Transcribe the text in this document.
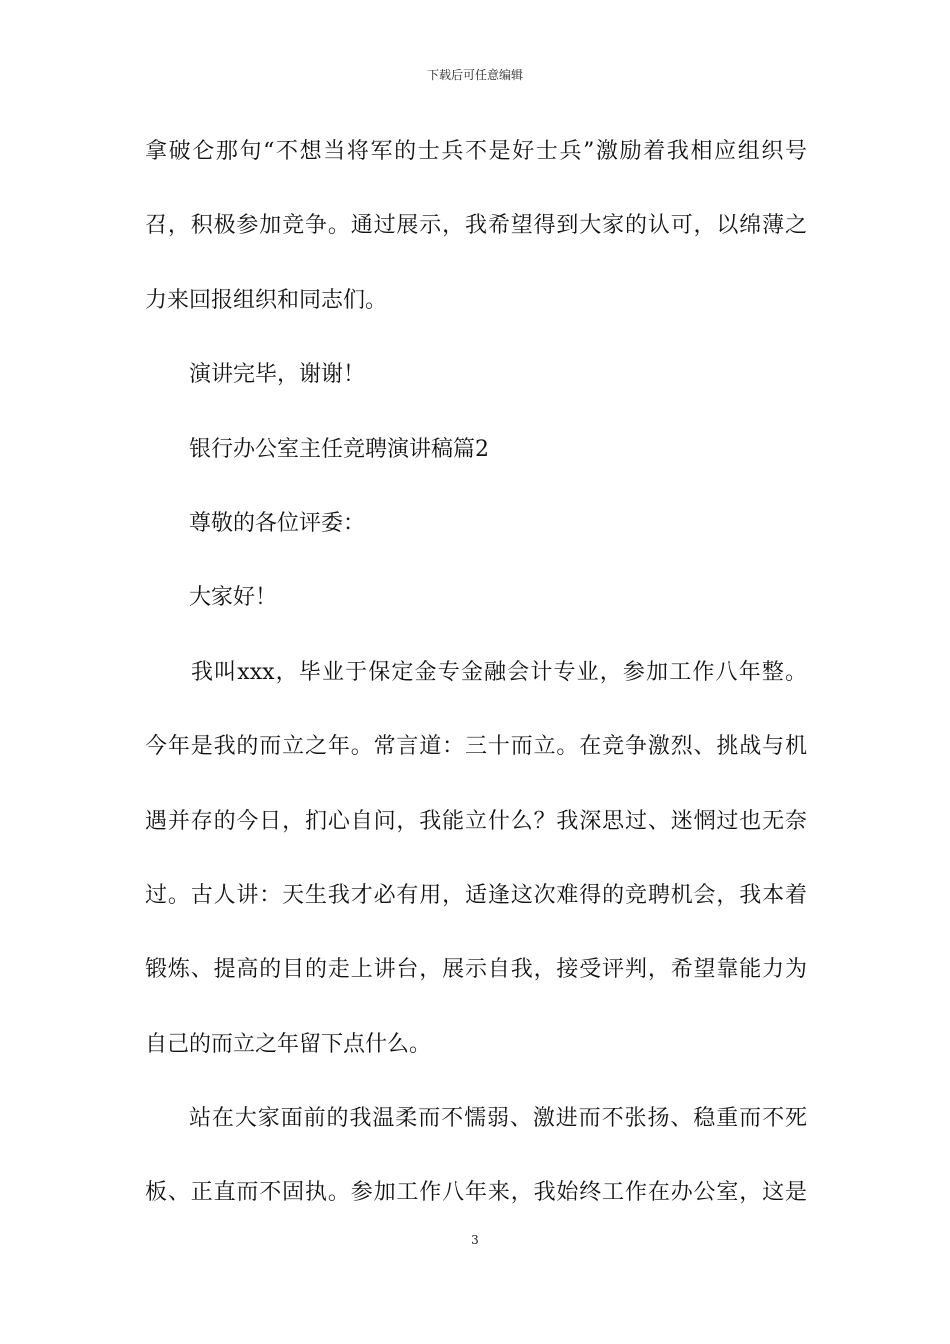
下载后可任意编辑
拿破仑那句“不想当将军的士兵不是好士兵”激励着我相应组织号
召，积极参加竞争。通过展示，我希望得到大家的认可，以绵薄之
力来回报组织和同志们。
演讲完毕，谢谢！
银行办公室主任竞聘演讲稿篇2
尊敬的各位评委：
大家好！
我叫xxx，毕业于保定金专金融会计专业，参加工作八年整。
今年是我的而立之年。常言道：三十而立。在竞争激烈、挑战与机
遇并存的今日，扪心自问，我能立什么？我深思过、迷惘过也无奈
过。古人讲：天生我才必有用，适逢这次难得的竞聘机会，我本着
锻炼、提高的目的走上讲台，展示自我，接受评判，希望靠能力为
自己的而立之年留下点什么。
站在大家面前的我温柔而不懦弱、激进而不张扬、稳重而不死
板、正直而不固执。参加工作八年来，我始终工作在办公室，这是
3
